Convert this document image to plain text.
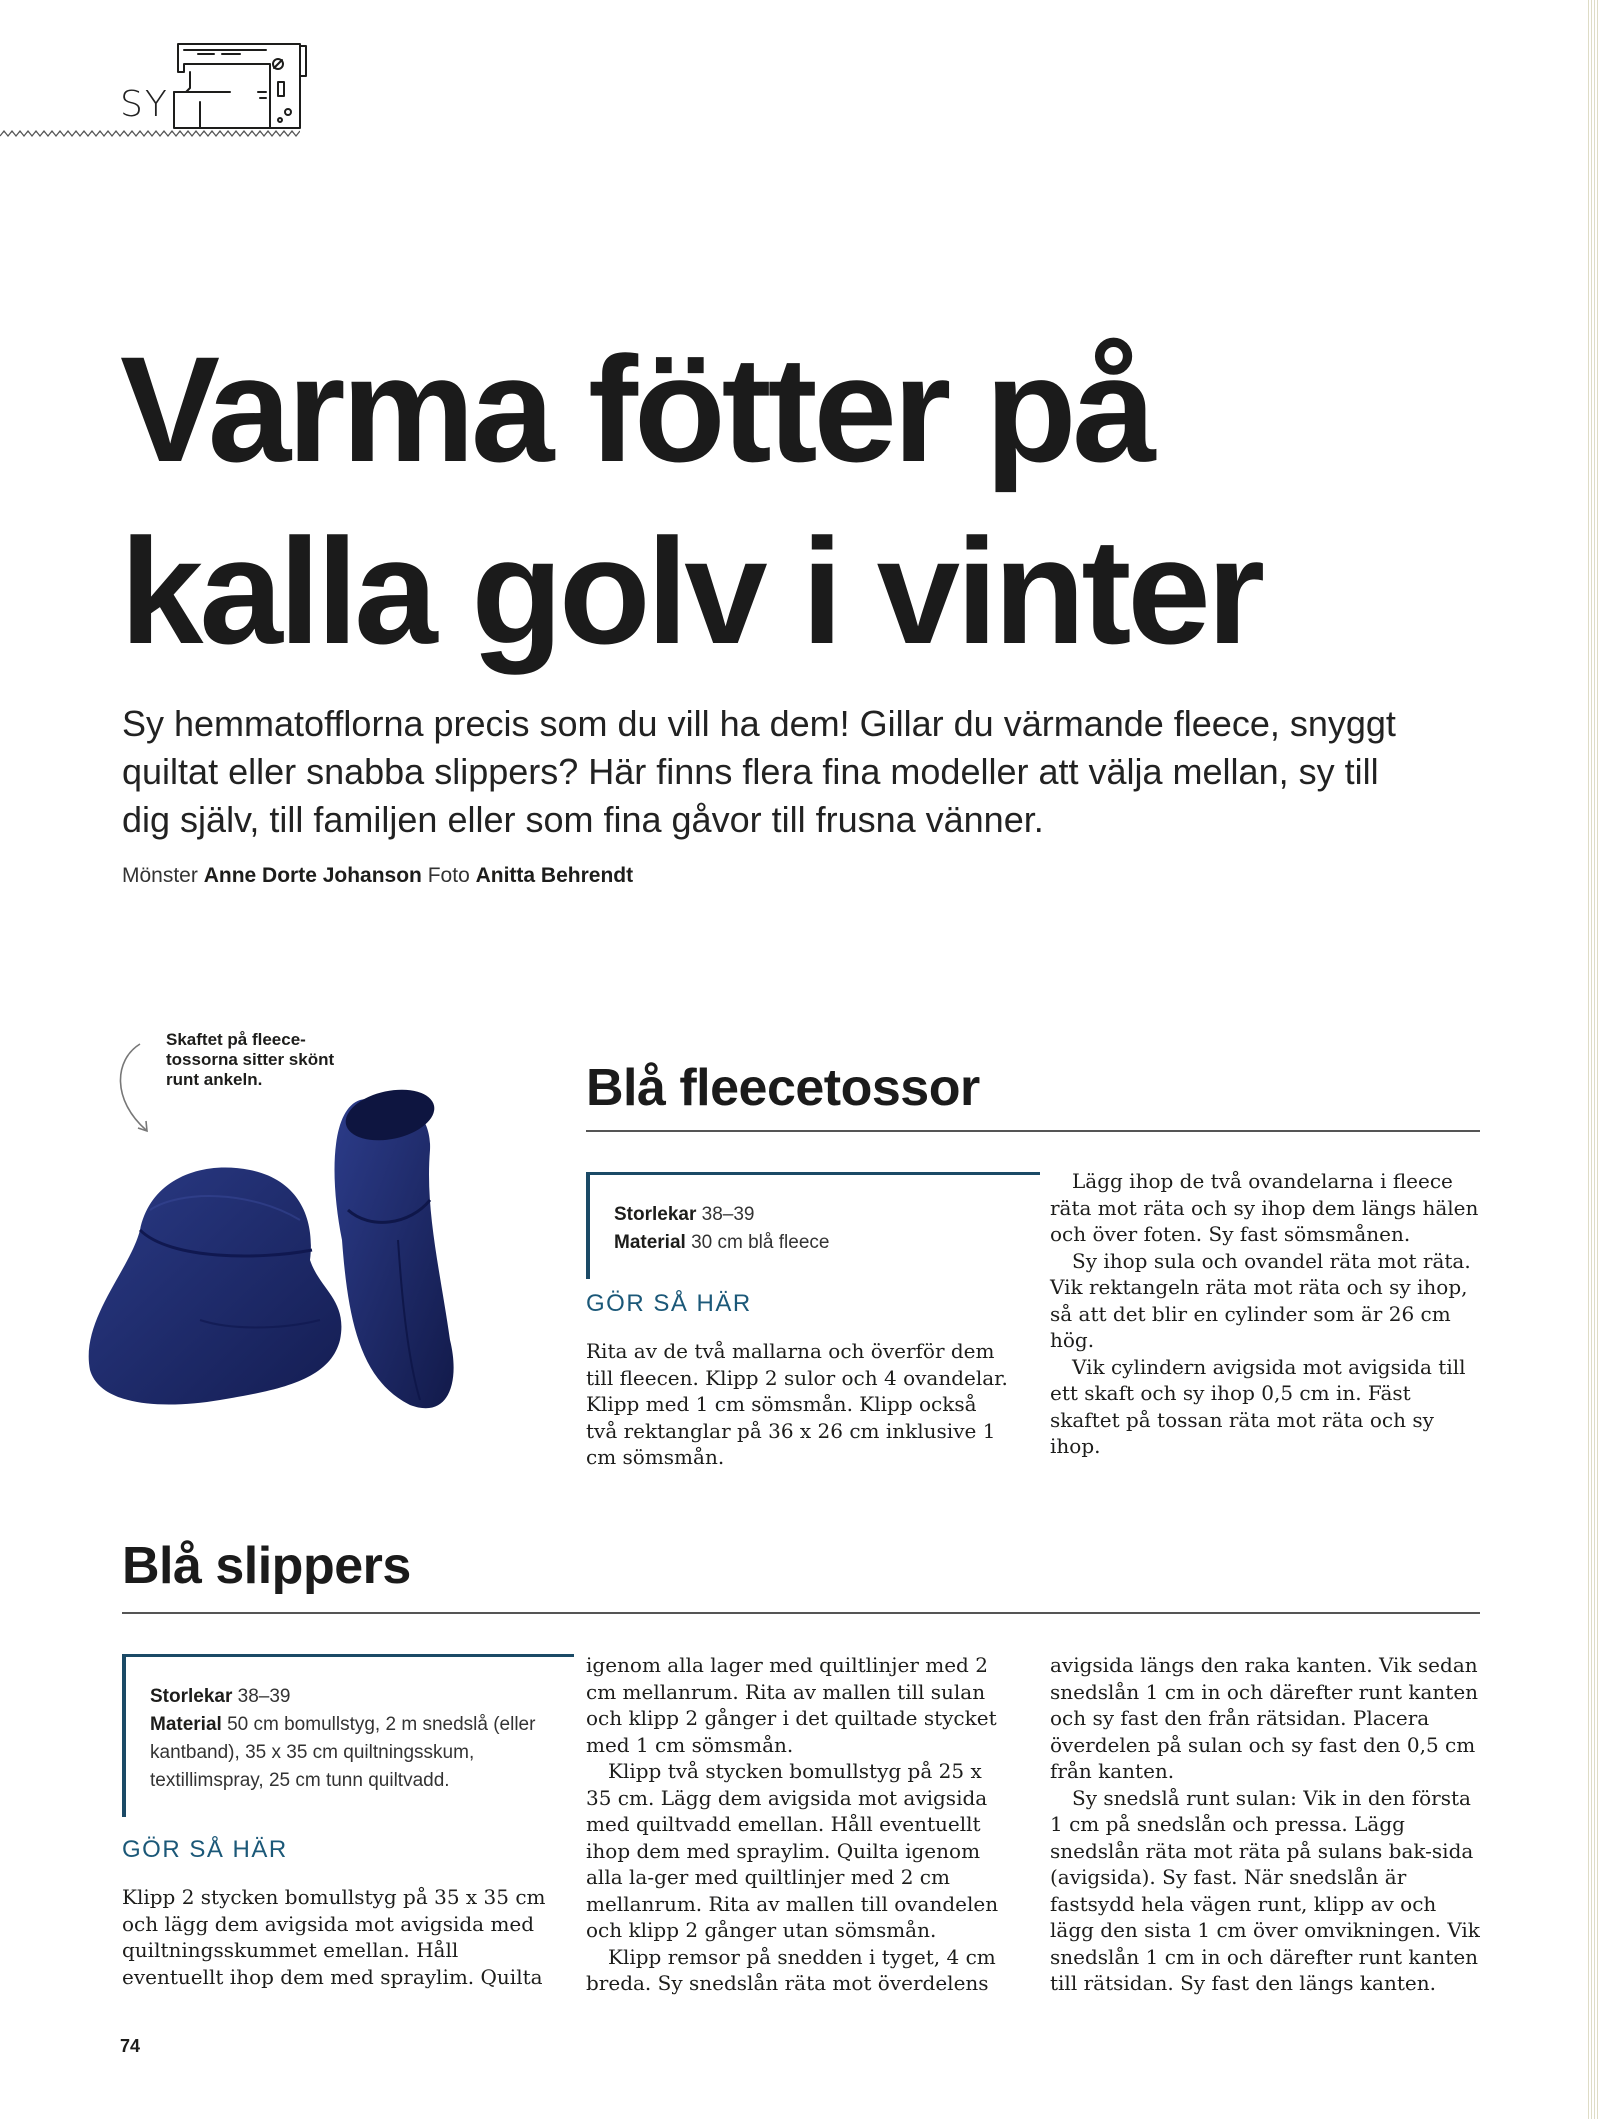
SY
Varma fötter på
kalla golv i vinter

Sy hemmatofflorna precis som du vill ha dem! Gillar du värmande fleece, snyggt quiltat eller snabba slippers? Här finns flera fina modeller att välja mellan, sy till dig själv, till familjen eller som fina gåvor till frusna vänner.

Mönster Anne Dorte Johanson Foto Anitta Behrendt
Skaftet på fleece-tossorna sitter skönt runt ankeln.	Blå fleecetossor
Storlekar 38–39
Material 30 cm blå fleece
GÖR SÅ HÄR

Rita av de två mallarna och överför dem till fleecen. Klipp 2 sulor och 4 ovandelar. Klipp med 1 cm sömsmån. Klipp också två rektanglar på 36 x 26 cm inklusive 1 cm sömsmån.

Lägg ihop de två ovandelarna i fleece räta mot räta och sy ihop dem längs hälen och över foten. Sy fast sömsmånen.

Sy ihop sula och ovandel räta mot räta. Vik rektangeln räta mot räta och sy ihop, så att det blir en cylinder som är 26 cm hög.

Vik cylindern avigsida mot avigsida till ett skaft och sy ihop 0,5 cm in. Fäst skaftet på tossan räta mot räta och sy ihop.

Blå slippers
Storlekar 38–39
Material 50 cm bomullstyg, 2 m snedslå (eller kantband), 35 x 35 cm quiltningsskum, textillimspray, 25 cm tunn quiltvadd.
GÖR SÅ HÄR

Klipp 2 stycken bomullstyg på 35 x 35 cm och lägg dem avigsida mot avigsida med quiltningsskummet emellan. Håll eventuellt ihop dem med spraylim. Quilta

igenom alla lager med quiltlinjer med 2 cm mellanrum. Rita av mallen till sulan och klipp 2 gånger i det quiltade stycket med 1 cm sömsmån.

Klipp två stycken bomullstyg på 25 x 35 cm. Lägg dem avigsida mot avigsida med quiltvadd emellan. Håll eventuellt ihop dem med spraylim. Quilta igenom alla la-ger med quiltlinjer med 2 cm mellanrum. Rita av mallen till ovandelen och klipp 2 gånger utan sömsmån.

Klipp remsor på snedden i tyget, 4 cm breda. Sy snedslån räta mot överdelens

avigsida längs den raka kanten. Vik sedan snedslån 1 cm in och därefter runt kanten och sy fast den från rätsidan. Placera överdelen på sulan och sy fast den 0,5 cm från kanten.

Sy snedslå runt sulan: Vik in den första 1 cm på snedslån och pressa. Lägg snedslån räta mot räta på sulans bak-sida (avigsida). Sy fast. När snedslån är fastsydd hela vägen runt, klipp av och lägg den sista 1 cm över omvikningen. Vik snedslån 1 cm in och därefter runt kanten till rätsidan. Sy fast den längs kanten.

74
